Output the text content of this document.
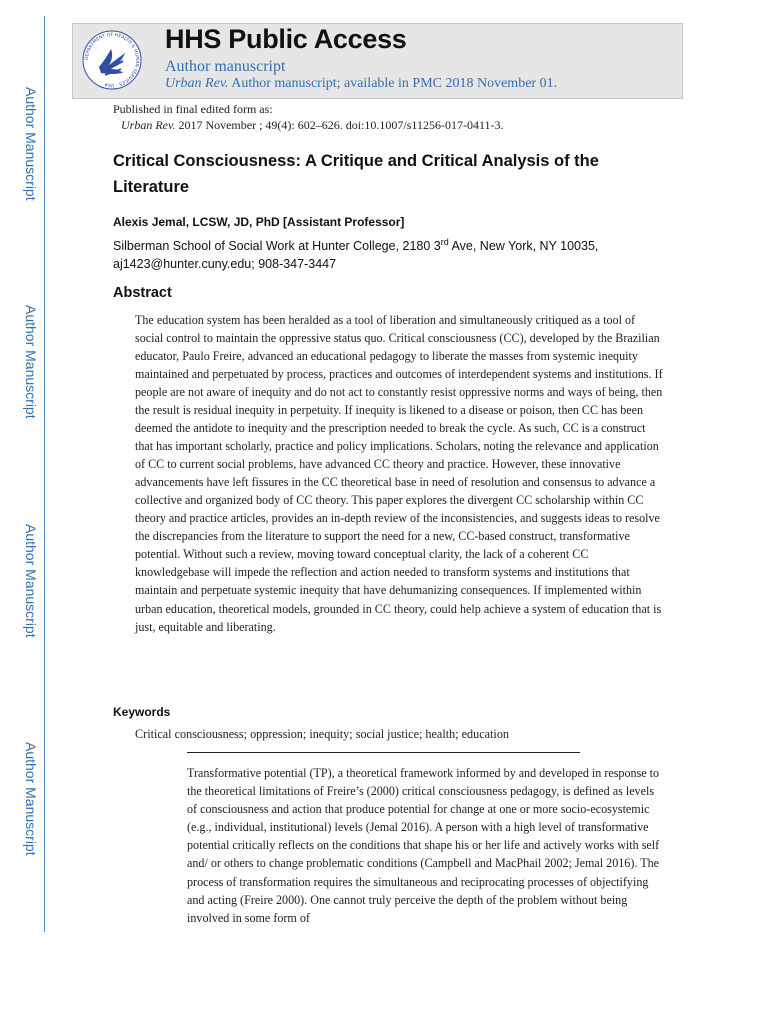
Author Manuscript
Author Manuscript
Author Manuscript
Author Manuscript
DEPARTMENT OF HEALTH & HUMAN SERVICES · USA
HHS Public Access
Author manuscript
Urban Rev. Author manuscript; available in PMC 2018 November 01.
Published in final edited form as:
Urban Rev. 2017 November ; 49(4): 602–626. doi:10.1007/s11256-017-0411-3.
Critical Consciousness: A Critique and Critical Analysis of the Literature
Alexis Jemal, LCSW, JD, PhD [Assistant Professor]
Silberman School of Social Work at Hunter College, 2180 3rd Ave, New York, NY 10035,
aj1423@hunter.cuny.edu; 908-347-3447
Abstract

The education system has been heralded as a tool of liberation and simultaneously critiqued as a tool of social control to maintain the oppressive status quo. Critical consciousness (CC), developed by the Brazilian educator, Paulo Freire, advanced an educational pedagogy to liberate the masses from systemic inequity maintained and perpetuated by process, practices and outcomes of interdependent systems and institutions. If people are not aware of inequity and do not act to constantly resist oppressive norms and ways of being, then the result is residual inequity in perpetuity. If inequity is likened to a disease or poison, then CC has been deemed the antidote to inequity and the prescription needed to break the cycle. As such, CC is a construct that has important scholarly, practice and policy implications. Scholars, noting the relevance and application of CC to current social problems, have advanced CC theory and practice. However, these innovative advancements have left fissures in the CC theoretical base in need of resolution and consensus to advance a collective and organized body of CC theory. This paper explores the divergent CC scholarship within CC theory and practice articles, provides an in-depth review of the inconsistencies, and suggests ideas to resolve the discrepancies from the literature to support the need for a new, CC-based construct, transformative potential. Without such a review, moving toward conceptual clarity, the lack of a coherent CC knowledgebase will impede the reflection and action needed to transform systems and institutions that maintain and perpetuate systemic inequity that have dehumanizing consequences. If implemented within urban education, theoretical models, grounded in CC theory, could help achieve a system of education that is just, equitable and liberating.

Keywords
Critical consciousness; oppression; inequity; social justice; health; education

Transformative potential (TP), a theoretical framework informed by and developed in response to the theoretical limitations of Freire’s (2000) critical consciousness pedagogy, is defined as levels of consciousness and action that produce potential for change at one or more socio-ecosystemic (e.g., individual, institutional) levels (Jemal 2016). A person with a high level of transformative potential critically reflects on the conditions that shape his or her life and actively works with self and/ or others to change problematic conditions (Campbell and MacPhail 2002; Jemal 2016). The process of transformation requires the simultaneous and reciprocating processes of objectifying and acting (Freire 2000). One cannot truly perceive the depth of the problem without being involved in some form of
